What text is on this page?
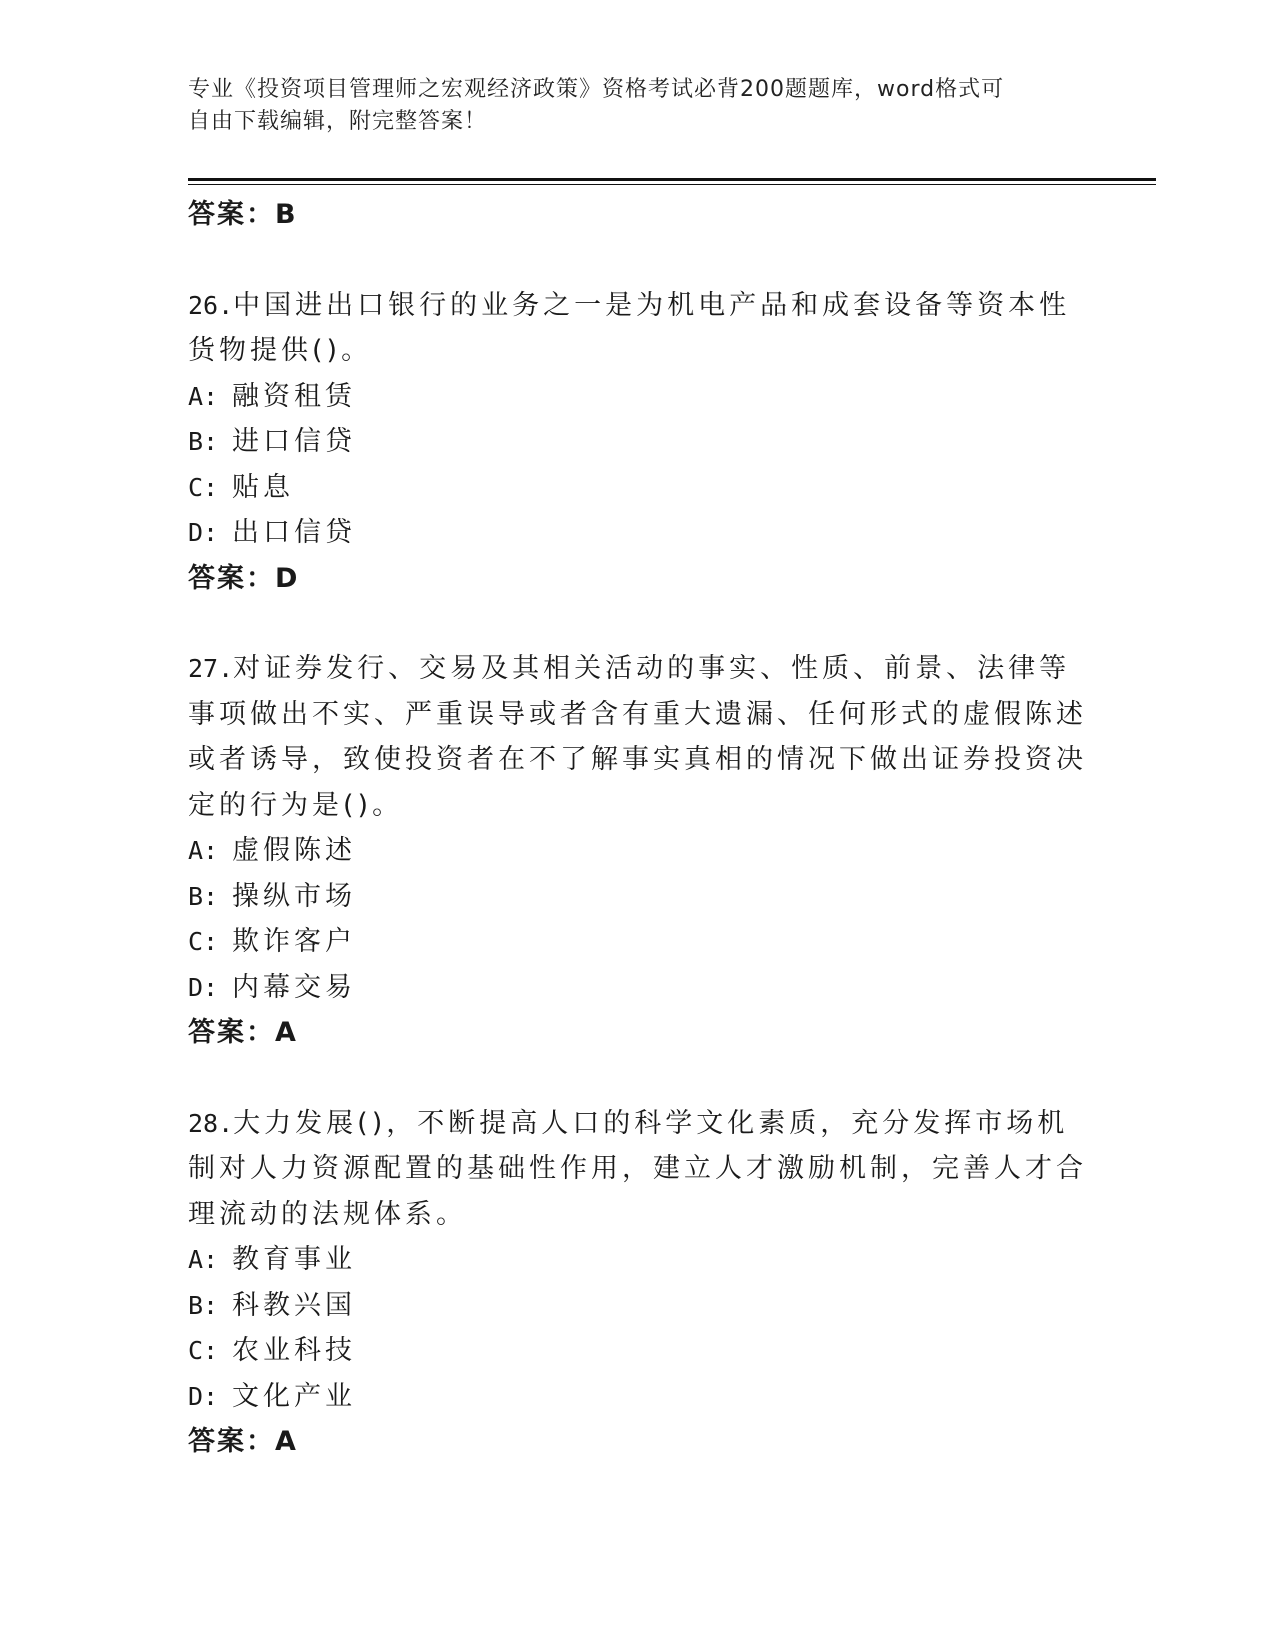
专业《投资项目管理师之宏观经济政策》资格考试必背200题题库，word格式可
自由下载编辑，附完整答案！
答案：B
26.中国进出口银行的业务之一是为机电产品和成套设备等资本性货物提供()。
A: 融资租赁
B: 进口信贷
C: 贴息
D: 出口信贷
答案：D
27.对证券发行、交易及其相关活动的事实、性质、前景、法律等事项做出不实、严重误导或者含有重大遗漏、任何形式的虚假陈述或者诱导，致使投资者在不了解事实真相的情况下做出证券投资决定的行为是()。
A: 虚假陈述
B: 操纵市场
C: 欺诈客户
D: 内幕交易
答案：A
28.大力发展()，不断提高人口的科学文化素质，充分发挥市场机制对人力资源配置的基础性作用，建立人才激励机制，完善人才合理流动的法规体系。
A: 教育事业
B: 科教兴国
C: 农业科技
D: 文化产业
答案：A
